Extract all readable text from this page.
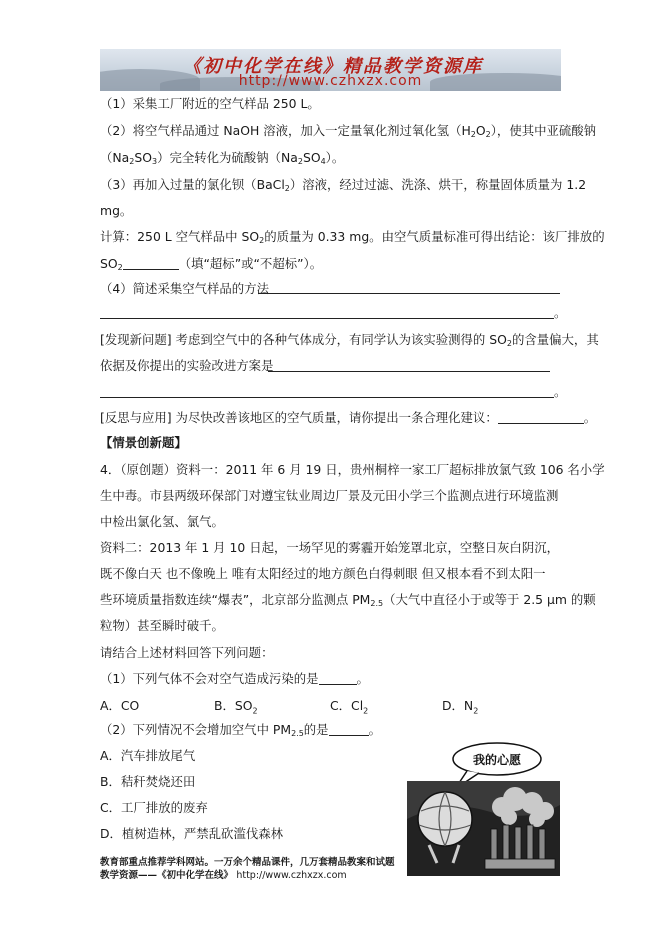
《初中化学在线》精品教学资源库
http://www.czhxzx.com
（1）采集工厂附近的空气样品 250 L。
（2）将空气样品通过 NaOH 溶液，加入一定量氧化剂过氧化氢$(H_2O_2)$，使其中亚硫酸钠
$(Na_2SO_3)$完全转化为硫酸钠$(Na_2SO_4)$。
（3）再加入过量的氯化钡（BaCl$_2$）溶液，经过过滤、洗涤、烘干，称量固体质量为 1.2
mg。
计算：250 L 空气样品中 $SO_2$的质量为 0.33 mg。由空气质量标准可得出结论：该厂排放的
$SO_2$	（填“超标”或“不超标”）。
（4）简述采集空气样品的方法
。
[发现新问题] 考虑到空气中的各种气体成分，有同学认为该实验测得的 $SO_2$的含量偏大，其
依据及你提出的实验改进方案是
。
[反思与应用] 为尽快改善该地区的空气质量，请你提出一条合理化建议：	。
【情景创新题】
4．（原创题）资料一：2011 年 6 月 19 日，贵州桐梓一家工厂超标排放氯气致 106 名小学
生中毒。市县两级环保部门对遵宝钛业周边厂景及元田小学三个监测点进行环境监测
中检出氯化氢、氯气。
资料二：2013 年 1 月 10 日起，一场罕见的雾霾开始笼罩北京，空整日灰白阴沉，
既不像白天 也不像晚上 唯有太阳经过的地方颜色白得刺眼 但又根本看不到太阳一
些环境质量指数连续“爆表”，北京部分监测点 $PM_{2.5}$（大气中直径小于或等于 2.5 μm 的颗
粒物）甚至瞬时破千。
请结合上述材料回答下列问题：
（1）下列气体不会对空气造成污染的是	。
A．CO	B．$SO_2$	C．$Cl_2$	D．$N_2$
（2）下列情况不会增加空气中 $PM_{2.5}$的是	。
A．汽车排放尾气
B．秸秆焚烧还田
C．工厂排放的废弃
D．植树造林，严禁乱砍滥伐森林
我的心愿
教育部重点推荐学科网站。一万余个精品课件，几万套精品教案和试题
教学资源——《初中化学在线》 http://www.czhxzx.com
